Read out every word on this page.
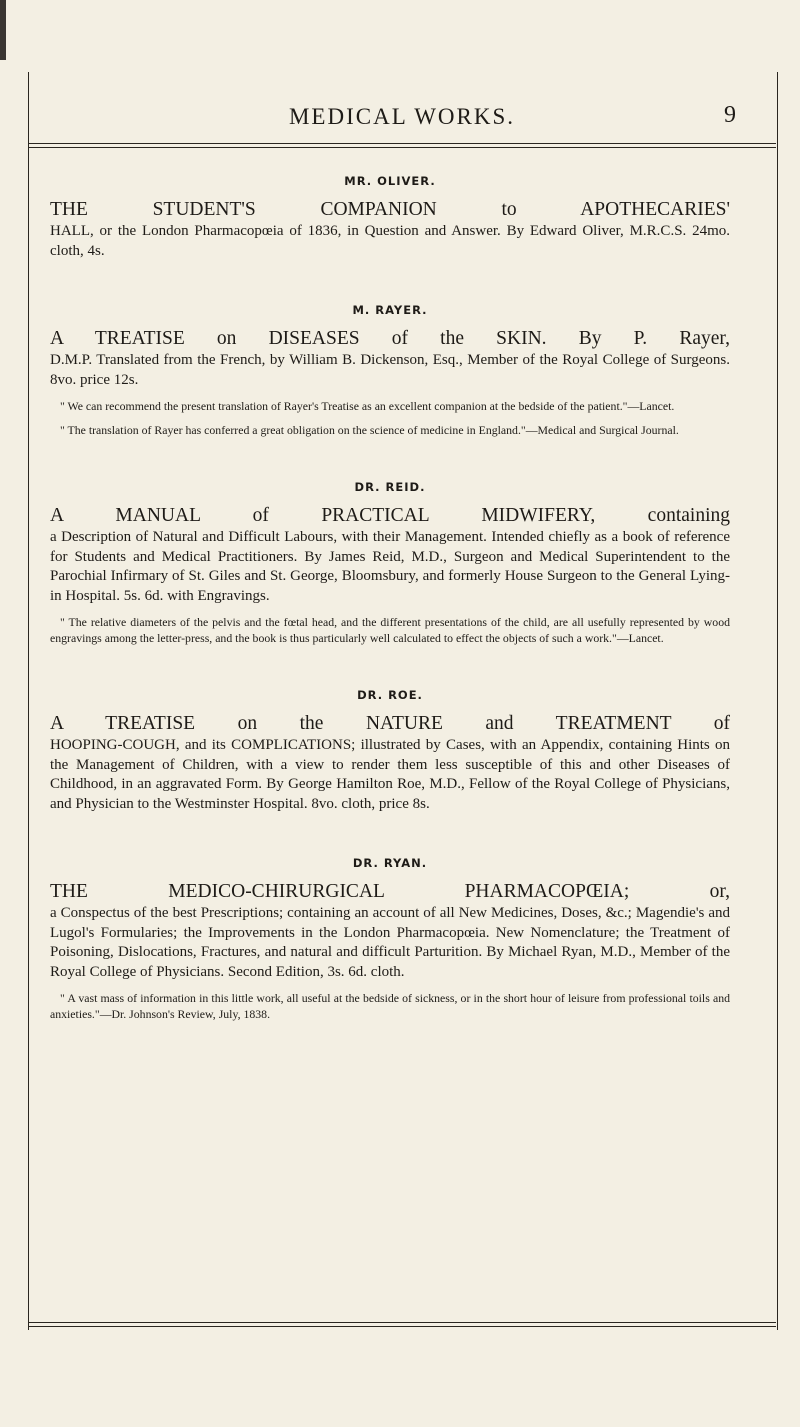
MEDICAL WORKS.	9
MR. OLIVER.

THE STUDENT'S COMPANION to APOTHECARIES'

HALL, or the London Pharmacopœia of 1836, in Question and Answer. By Edward Oliver, M.R.C.S. 24mo. cloth, 4s.

M. RAYER.

A TREATISE on DISEASES of the SKIN. By P. Rayer,

D.M.P. Translated from the French, by William B. Dickenson, Esq., Member of the Royal College of Surgeons. 8vo. price 12s.

" We can recommend the present translation of Rayer's Treatise as an excellent companion at the bedside of the patient."—Lancet.

" The translation of Rayer has conferred a great obligation on the science of medicine in England."—Medical and Surgical Journal.

DR. REID.

A MANUAL of PRACTICAL MIDWIFERY, containing

a Description of Natural and Difficult Labours, with their Management. Intended chiefly as a book of reference for Students and Medical Practitioners. By James Reid, M.D., Surgeon and Medical Superintendent to the Parochial Infirmary of St. Giles and St. George, Bloomsbury, and formerly House Surgeon to the General Lying-in Hospital. 5s. 6d. with Engravings.

" The relative diameters of the pelvis and the fœtal head, and the different presentations of the child, are all usefully represented by wood engravings among the letter-press, and the book is thus particularly well calculated to effect the objects of such a work."—Lancet.

DR. ROE.

A TREATISE on the NATURE and TREATMENT of

HOOPING-COUGH, and its COMPLICATIONS; illustrated by Cases, with an Appendix, containing Hints on the Management of Children, with a view to render them less susceptible of this and other Diseases of Childhood, in an aggravated Form. By George Hamilton Roe, M.D., Fellow of the Royal College of Physicians, and Physician to the Westminster Hospital. 8vo. cloth, price 8s.

DR. RYAN.

THE MEDICO-CHIRURGICAL PHARMACOPŒIA; or,

a Conspectus of the best Prescriptions; containing an account of all New Medicines, Doses, &c.; Magendie's and Lugol's Formularies; the Improvements in the London Pharmacopœia. New Nomenclature; the Treatment of Poisoning, Dislocations, Fractures, and natural and difficult Parturition. By Michael Ryan, M.D., Member of the Royal College of Physicians. Second Edition, 3s. 6d. cloth.

" A vast mass of information in this little work, all useful at the bedside of sickness, or in the short hour of leisure from professional toils and anxieties."—Dr. Johnson's Review, July, 1838.
